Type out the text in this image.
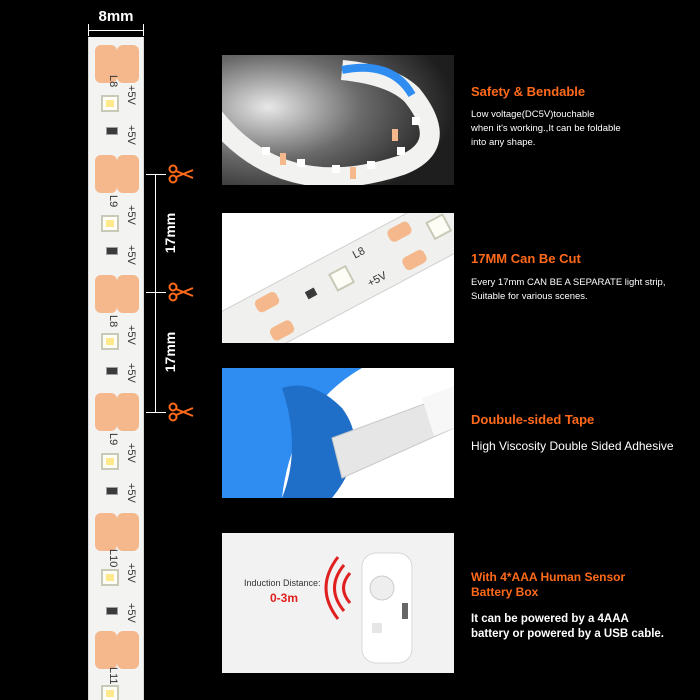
8mm
+5V
+5V
+5V
+5V
+5V
+5V
+5V
+5V
+5V
+5V
L8
L9
L8
L9
L10
L11
17mm
17mm
Safety & Bendable
Low voltage(DC5V)touchable
when it's working.,It can be foldable
into any shape.
+5V
L8	17MM Can Be Cut
Every 17mm CAN BE A SEPARATE light strip,
Suitable for various scenes.
Doubule-sided Tape
High Viscosity Double Sided Adhesive
Induction Distance:
0-3m
With 4*AAA Human Sensor
Battery Box
It can be powered by a 4AAA
battery or powered by a USB cable.
